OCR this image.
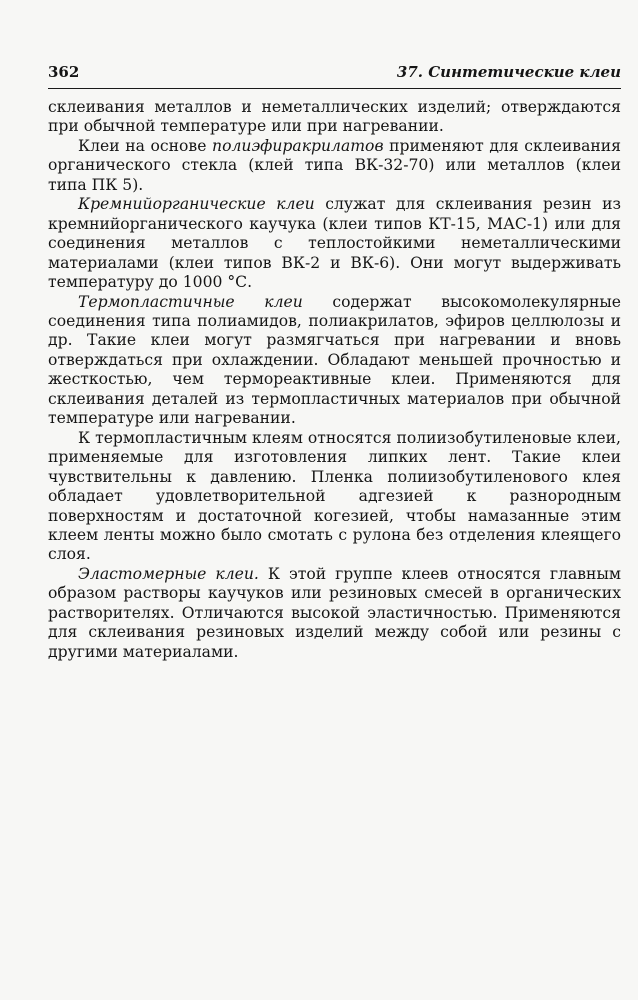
362	37. Синтетические клеи

склеивания металлов и неметаллических изделий; отверждаются при обычной температуре или при нагревании.

Клеи на основе полиэфиракрилатов применяют для склеивания органического стекла (клей типа ВК-32-70) или металлов (клеи типа ПК 5).

Кремнийорганические клеи служат для склеивания резин из кремнийорганического каучука (клеи типов КТ-15, МАС-1) или для соединения металлов с теплостойкими неметаллическими материалами (клеи типов ВК-2 и ВК-6). Они могут выдерживать температуру до 1000 °С.

Термопластичные клеи содержат высокомолекулярные соединения типа полиамидов, полиакрилатов, эфиров целлюлозы и др. Такие клеи могут размягчаться при нагревании и вновь отверждаться при охлаждении. Обладают меньшей прочностью и жесткостью, чем термореактивные клеи. Применяются для склеивания деталей из термопластичных материалов при обычной температуре или нагревании.

К термопластичным клеям относятся полиизобутиленовые клеи, применяемые для изготовления липких лент. Такие клеи чувствительны к давлению. Пленка полиизобутиленового клея обладает удовлетворительной адгезией к разнородным поверхностям и достаточной когезией, чтобы намазанные этим клеем ленты можно было смотать с рулона без отделения клеящего слоя.

Эластомерные клеи. К этой группе клеев относятся главным образом растворы каучуков или резиновых смесей в органических растворителях. Отличаются высокой эластичностью. Применяются для склеивания резиновых изделий между собой или резины с другими материалами.
